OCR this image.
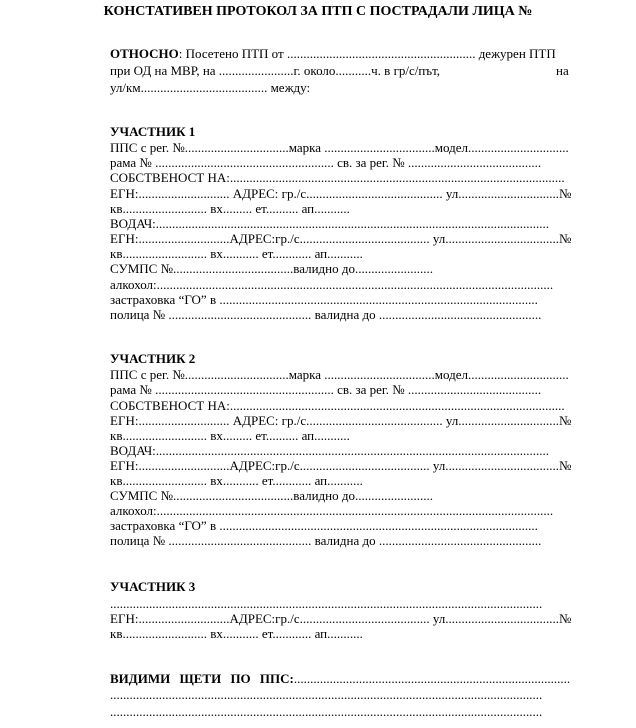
КОНСТАТИВЕН ПРОТОКОЛ ЗА ПТП С ПОСТРАДАЛИ ЛИЦА №
ОТНОСНО: Посетено ПТП от .......................................................... дежурен ПТП
при ОД на МВР, на .......................г. около...........ч. в гр/с/път,	на
ул/км....................................... между:
УЧАСТНИК 1
ППС с рег. №................................марка ..................................модел...............................
рама № ....................................................... св. за рег. № .........................................
СОБСТВЕНОСТ НА:.......................................................................................................
ЕГН:............................ АДРЕС: гр./с.......................................... ул...............................№
кв.......................... вх......... ет.......... ап...........
ВОДАЧ:.........................................................................................................................
ЕГН:............................АДРЕС:гр./с........................................ ул...................................№
кв.......................... вх........... ет............ ап...........
СУМПС №.....................................валидно до........................
алкохол:..........................................................................................................................
застраховка “ГО” в ..................................................................................................
полица № ............................................ валидна до ..................................................
УЧАСТНИК 2
ППС с рег. №................................марка ..................................модел...............................
рама № ....................................................... св. за рег. № .........................................
СОБСТВЕНОСТ НА:.......................................................................................................
ЕГН:............................ АДРЕС: гр./с.......................................... ул...............................№
кв.......................... вх......... ет.......... ап...........
ВОДАЧ:.........................................................................................................................
ЕГН:............................АДРЕС:гр./с........................................ ул...................................№
кв.......................... вх........... ет............ ап...........
СУМПС №.....................................валидно до........................
алкохол:..........................................................................................................................
застраховка “ГО” в ..................................................................................................
полица № ............................................ валидна до ..................................................
УЧАСТНИК 3
.....................................................................................................................................
ЕГН:............................АДРЕС:гр./с........................................ ул...................................№
кв.......................... вх........... ет............ ап...........
ВИДИМИ ЩЕТИ ПО ППС:.....................................................................................
.....................................................................................................................................
.....................................................................................................................................
